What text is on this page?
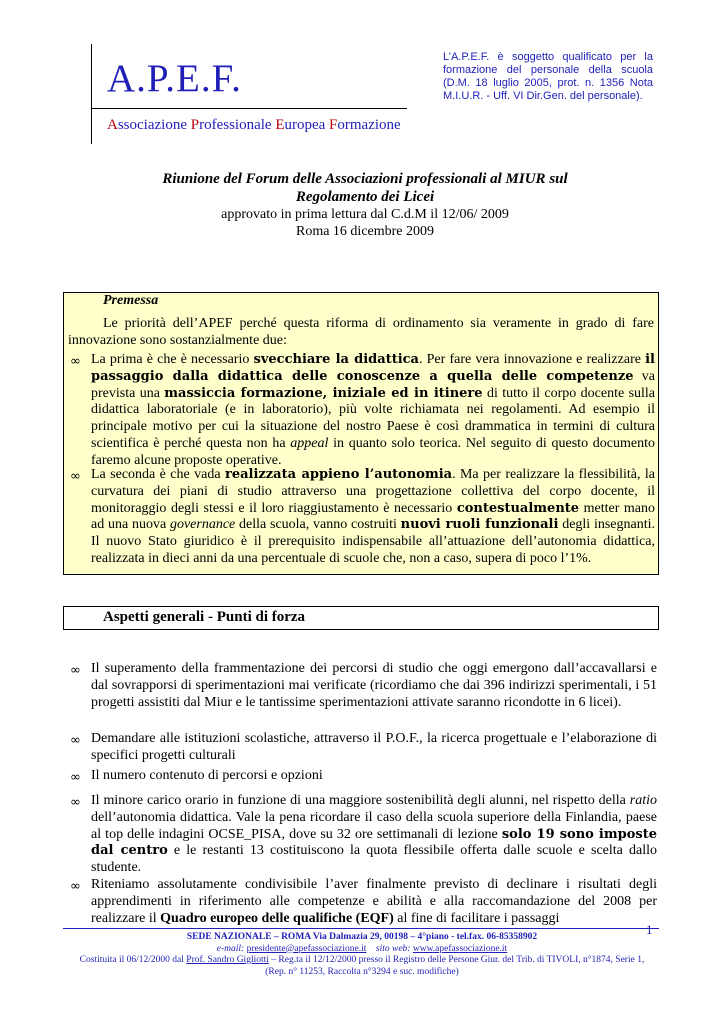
A.P.E.F.
Associazione Professionale Europea Formazione
L’A.P.E.F. è soggetto qualificato per la formazione del personale della scuola (D.M. 18 luglio 2005, prot. n. 1356 Nota M.I.U.R. - Uff. VI Dir.Gen. del personale).
Riunione del Forum delle Associazioni professionali al MIUR sul
Regolamento dei Licei
approvato in prima lettura dal C.d.M il 12/06/ 2009
Roma 16 dicembre 2009
Premessa
Le priorità dell’APEF perché questa riforma di ordinamento sia veramente in grado di fare innovazione sono sostanzialmente due:
∞ La prima è che è necessario svecchiare la didattica. Per fare vera innovazione e realizzare il passaggio dalla didattica delle conoscenze a quella delle competenze va prevista una massiccia formazione, iniziale ed in itinere di tutto il corpo docente sulla didattica laboratoriale (e in laboratorio), più volte richiamata nei regolamenti. Ad esempio il principale motivo per cui la situazione del nostro Paese è così drammatica in termini di cultura scientifica è perché questa non ha appeal in quanto solo teorica. Nel seguito di questo documento faremo alcune proposte operative.
∞ La seconda è che vada realizzata appieno l’autonomia. Ma per realizzare la flessibilità, la curvatura dei piani di studio attraverso una progettazione collettiva del corpo docente, il monitoraggio degli stessi e il loro riaggiustamento è necessario contestualmente metter mano ad una nuova governance della scuola, vanno costruiti nuovi ruoli funzionali degli insegnanti. Il nuovo Stato giuridico è il prerequisito indispensabile all’attuazione dell’autonomia didattica, realizzata in dieci anni da una percentuale di scuole che, non a caso, supera di poco l’1%.
Aspetti generali - Punti di forza
∞ Il superamento della frammentazione dei percorsi di studio che oggi emergono dall’accavallarsi e dal sovrapporsi di sperimentazioni mai verificate (ricordiamo che dai 396 indirizzi sperimentali, i 51 progetti assistiti dal Miur e le tantissime sperimentazioni attivate saranno ricondotte in 6 licei).
∞ Demandare alle istituzioni scolastiche, attraverso il P.O.F., la ricerca progettuale e l’elaborazione di specifici progetti culturali
∞ Il numero contenuto di percorsi e opzioni
∞ Il minore carico orario in funzione di una maggiore sostenibilità degli alunni, nel rispetto della ratio dell’autonomia didattica. Vale la pena ricordare il caso della scuola superiore della Finlandia, paese al top delle indagini OCSE_PISA, dove su 32 ore settimanali di lezione solo 19 sono imposte dal centro e le restanti 13 costituiscono la quota flessibile offerta dalle scuole e scelta dallo studente.
∞ Riteniamo assolutamente condivisibile l’aver finalmente previsto di declinare i risultati degli apprendimenti in riferimento alle competenze e abilità e alla raccomandazione del 2008 per realizzare il Quadro europeo delle qualifiche (EQF) al fine di facilitare i passaggi
1
SEDE NAZIONALE – ROMA Via Dalmazia 29, 00198 – 4°piano - tel.fax. 06-85358902
e-mail: presidente@apefassociazione.it sito web: www.apefassociazione.it
Costituita il 06/12/2000 dal Prof. Sandro Gigliotti – Reg.ta il 12/12/2000 presso il Registro delle Persone Giur. del Trib. di TIVOLI, n°1874, Serie 1,
(Rep. n° 11253, Raccolta n°3294 e suc. modifiche)
